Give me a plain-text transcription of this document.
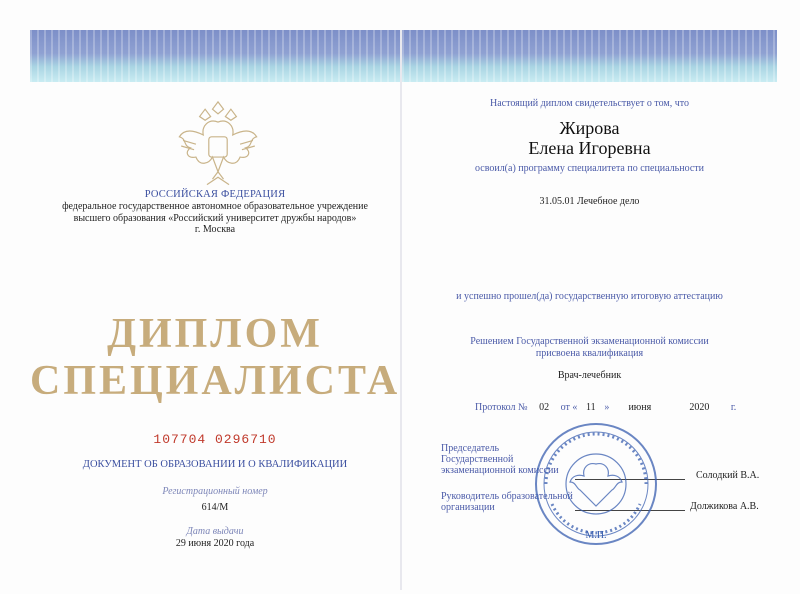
РОССИЙСКАЯ ФЕДЕРАЦИЯ
федеральное государственное автономное образовательное учреждение
высшего образования «Российский университет дружбы народов»
г. Москва
ДИПЛОМ
СПЕЦИАЛИСТА
107704 0296710
ДОКУМЕНТ ОБ ОБРАЗОВАНИИ И О КВАЛИФИКАЦИИ
Регистрационный номер
614/М
Дата выдачи
29 июня 2020 года
Настоящий диплом свидетельствует о том, что
Жирова
Елена Игоревна
освоил(а) программу специалитета по специальности
31.05.01 Лечебное дело
и успешно прошел(да) государственную итоговую аттестацию
Решением Государственной экзаменационной комиссии
присвоена квалификация
Врач-лечебник
Протокол № 02 от « 11 » июня	2020 г.
Председатель
Государственной
экзаменационной комиссии	Солодкий В.А.
Руководитель образовательной
организации	Должикова А.В.
М.П.
